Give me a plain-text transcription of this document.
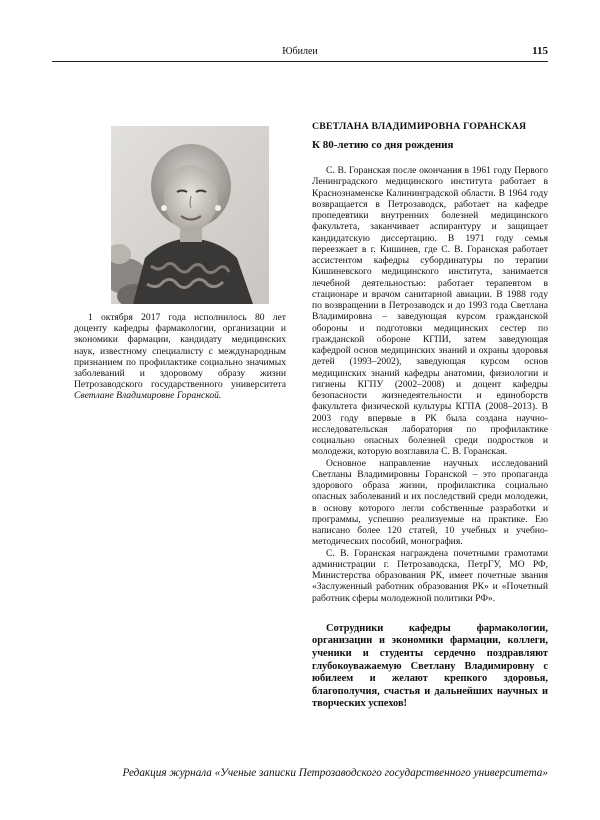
Юбилеи	115

1 октября 2017 года исполнилось 80 лет доценту кафедры фармакологии, организации и экономики фармации, кандидату медицинских наук, известному специалисту с международным признанием по профилактике социально значимых заболеваний и здоровому образу жизни Петрозаводского государственного университета Светлане Владимировне Горанской.

СВЕТЛАНА ВЛАДИМИРОВНА ГОРАНСКАЯ
К 80-летию со дня рождения

С. В. Горанская после окончания в 1961 году Первого Ленинградского медицинского института работает в Краснознаменске Калининградской области. В 1964 году возвращается в Петрозаводск, работает на кафедре пропедевтики внутренних болезней медицинского факультета, заканчивает аспирантуру и защищает кандидатскую диссертацию. В 1971 году семья переезжает в г. Кишинев, где С. В. Горанская работает ассистентом кафедры субординатуры по терапии Кишиневского медицинского института, занимается лечебной деятельностью: работает терапевтом в стационаре и врачом санитарной авиации. В 1988 году по возвращении в Петрозаводск и до 1993 года Светлана Владимировна – заведующая курсом гражданской обороны и подготовки медицинских сестер по гражданской обороне КГПИ, затем заведующая кафедрой основ медицинских знаний и охраны здоровья детей (1993–2002), заведующая курсом основ медицинских знаний кафедры анатомии, физиологии и гигиены КГПУ (2002–2008) и доцент кафедры безопасности жизнедеятельности и единоборств факультета физической культуры КГПА (2008–2013). В 2003 году впервые в РК была создана научно-исследовательская лаборатория по профилактике социально опасных болезней среди подростков и молодежи, которую возглавила С. В. Горанская.

Основное направление научных исследований Светланы Владимировны Горанской – это пропаганда здорового образа жизни, профилактика социально опасных заболеваний и их последствий среди молодежи, в основу которого легли собственные разработки и программы, успешно реализуемые на практике. Ею написано более 120 статей, 10 учебных и учебно-методических пособий, монография.

С. В. Горанская награждена почетными грамотами администрации г. Петрозаводска, ПетрГУ, МО РФ, Министерства образования РК, имеет почетные звания «Заслуженный работник образования РК» и «Почетный работник сферы молодежной политики РФ».

Сотрудники кафедры фармакологии, организации и экономики фармации, коллеги, ученики и студенты сердечно поздравляют глубокоуважаемую Светлану Владимировну с юбилеем и желают крепкого здоровья, благополучия, счастья и дальнейших научных и творческих успехов!

Редакция журнала «Ученые записки Петрозаводского государственного университета»
